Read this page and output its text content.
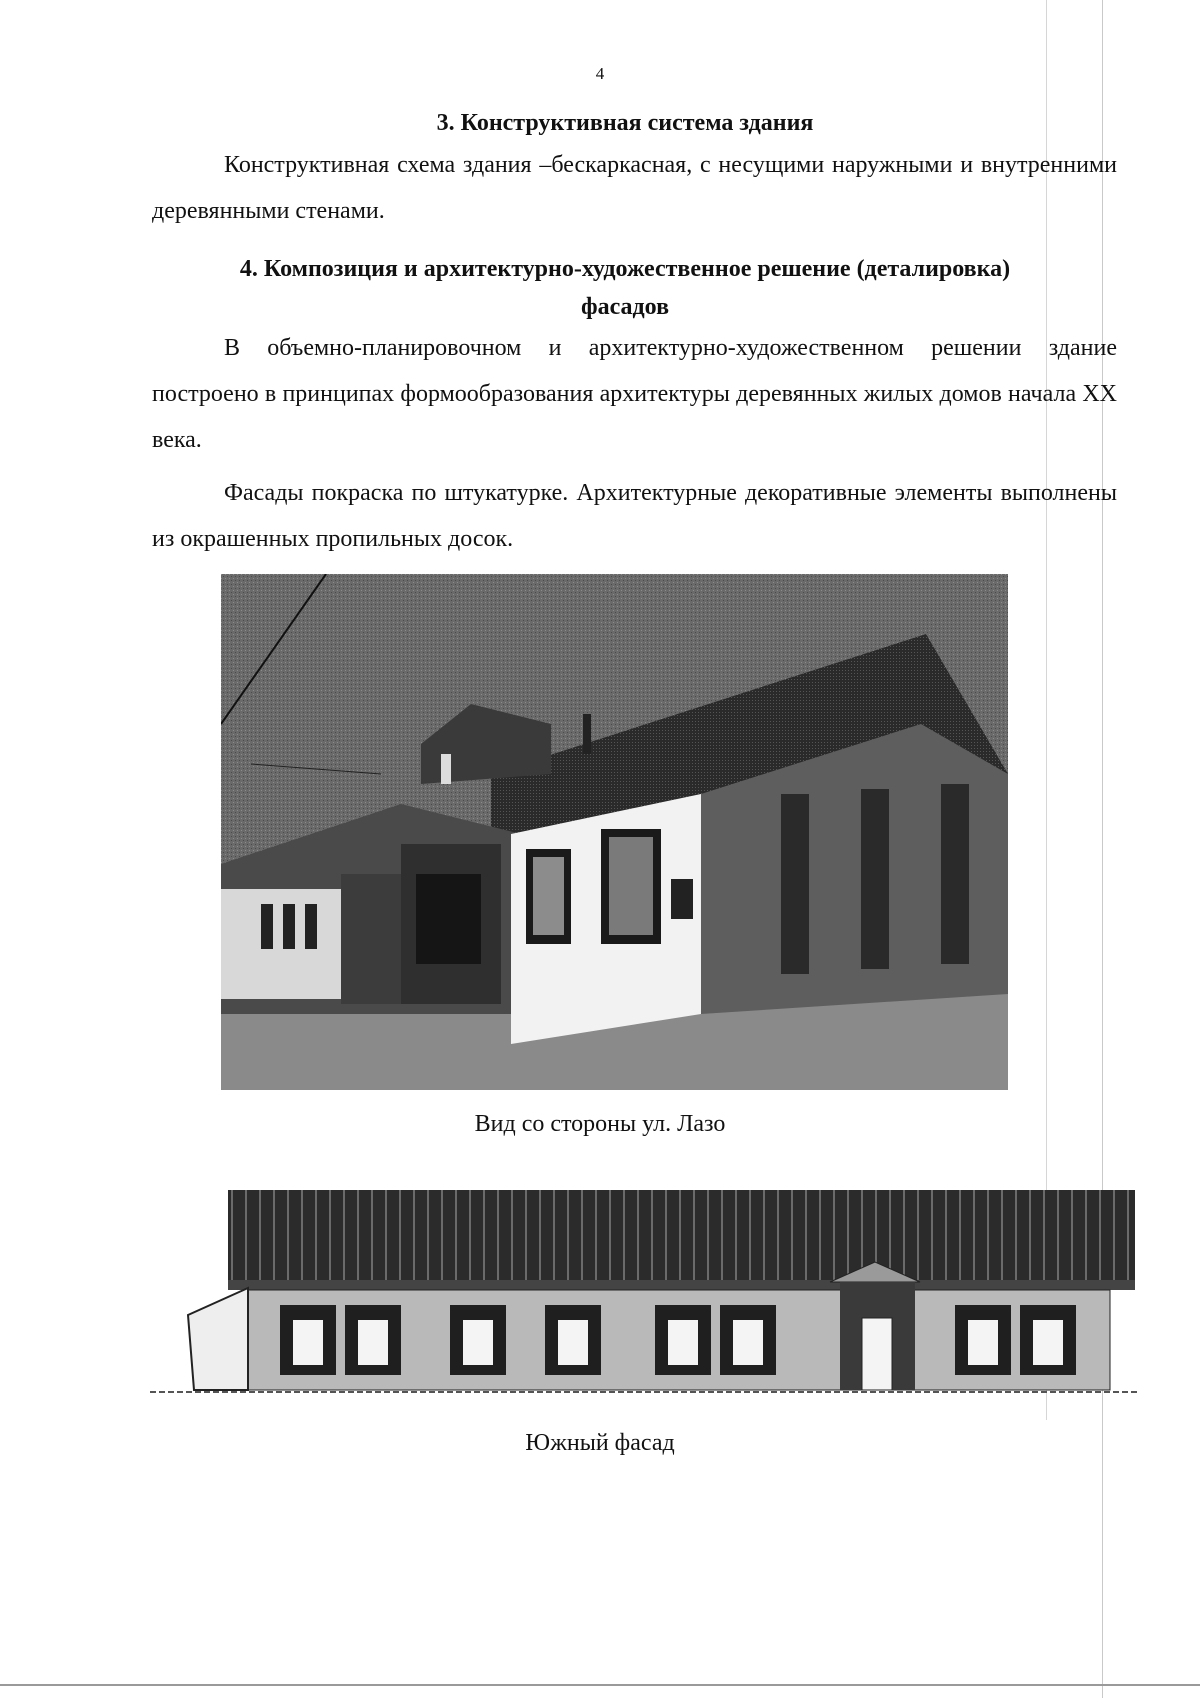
4
3. Конструктивная система здания
Конструктивная схема здания –бескаркасная, с несущими наружными и внутренними деревянными стенами.
4. Композиция и архитектурно-художественное решение (деталировка)
фасадов
В объемно-планировочном и архитектурно-художественном решении здание построено в принципах формообразования архитектуры деревянных жилых домов начала XX века.
Фасады покраска по штукатурке. Архитектурные декоративные элементы выполнены из окрашенных пропильных досок.
Вид со стороны ул. Лазо
Южный фасад
